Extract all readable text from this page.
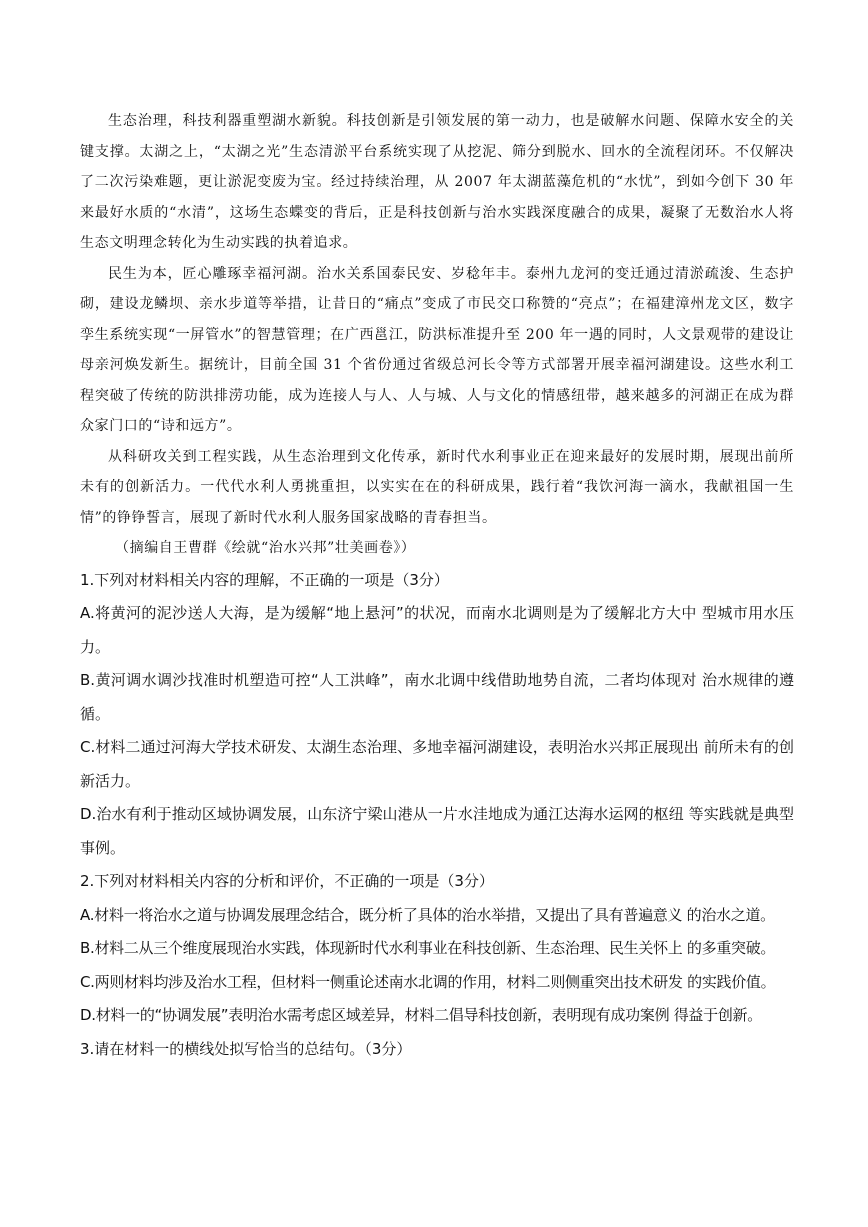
生态治理，科技利器重塑湖水新貌。科技创新是引领发展的第一动力，也是破解水问题、保障水安全的关键支撑。太湖之上，“太湖之光”生态清淤平台系统实现了从挖泥、筛分到脱水、回水的全流程闭环。不仅解决了二次污染难题，更让淤泥变废为宝。经过持续治理，从 2007 年太湖蓝藻危机的“水忧”，到如今创下 30 年来最好水质的“水清”，这场生态蝶变的背后，正是科技创新与治水实践深度融合的成果，凝聚了无数治水人将生态文明理念转化为生动实践的执着追求。

民生为本，匠心雕琢幸福河湖。治水关系国泰民安、岁稔年丰。泰州九龙河的变迁通过清淤疏浚、生态护砌，建设龙鳞坝、亲水步道等举措，让昔日的“痛点”变成了市民交口称赞的“亮点”；在福建漳州龙文区，数字孪生系统实现“一屏管水”的智慧管理；在广西邕江，防洪标准提升至 200 年一遇的同时，人文景观带的建设让母亲河焕发新生。据统计，目前全国 31 个省份通过省级总河长令等方式部署开展幸福河湖建设。这些水利工程突破了传统的防洪排涝功能，成为连接人与人、人与城、人与文化的情感纽带，越来越多的河湖正在成为群众家门口的“诗和远方”。

从科研攻关到工程实践，从生态治理到文化传承，新时代水利事业正在迎来最好的发展时期，展现出前所未有的创新活力。一代代水利人勇挑重担，以实实在在的科研成果，践行着“我饮河海一滴水，我献祖国一生情”的铮铮誓言，展现了新时代水利人服务国家战略的青春担当。

（摘编自王曹群《绘就“治水兴邦”壮美画卷》）

1.下列对材料相关内容的理解，不正确的一项是（3分）

A.将黄河的泥沙送人大海，是为缓解“地上悬河”的状况，而南水北调则是为了缓解北方大中 型城市用水压力。

B.黄河调水调沙找准时机塑造可控“人工洪峰”，南水北调中线借助地势自流，二者均体现对 治水规律的遵循。

C.材料二通过河海大学技术研发、太湖生态治理、多地幸福河湖建设，表明治水兴邦正展现出 前所未有的创新活力。

D.治水有利于推动区域协调发展，山东济宁梁山港从一片水洼地成为通江达海水运网的枢纽 等实践就是典型事例。

2.下列对材料相关内容的分析和评价，不正确的一项是（3分）

A.材料一将治水之道与协调发展理念结合，既分析了具体的治水举措，又提出了具有普遍意义 的治水之道。

B.材料二从三个维度展现治水实践，体现新时代水利事业在科技创新、生态治理、民生关怀上 的多重突破。

C.两则材料均涉及治水工程，但材料一侧重论述南水北调的作用，材料二则侧重突出技术研发 的实践价值。

D.材料一的“协调发展”表明治水需考虑区域差异，材料二倡导科技创新，表明现有成功案例 得益于创新。

3.请在材料一的横线处拟写恰当的总结句。（3分）
